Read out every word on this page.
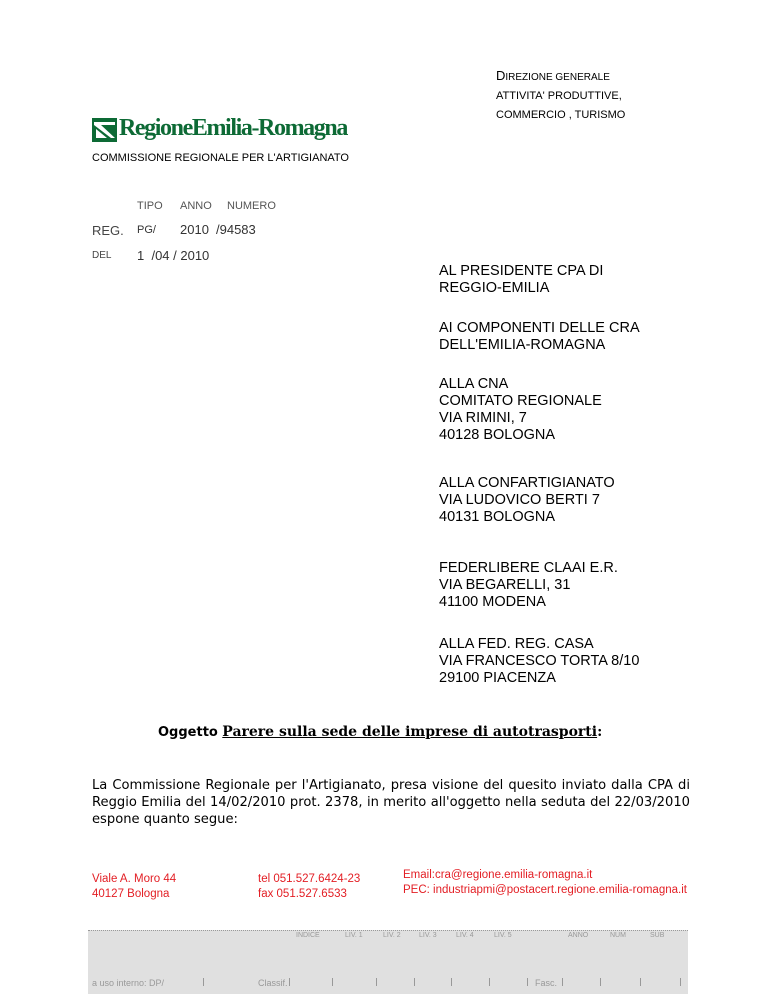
DIREZIONE GENERALE
ATTIVITA' PRODUTTIVE,
COMMERCIO , TURISMO
RegioneEmilia-Romagna
COMMISSIONE REGIONALE PER L'ARTIGIANATO
TIPO ANNO NUMERO
REG. PG/ 2010 /94583
DEL 1  /04 / 2010
AL PRESIDENTE CPA DI
REGGIO-EMILIA
AI COMPONENTI DELLE CRA
DELL'EMILIA-ROMAGNA
ALLA CNA
COMITATO REGIONALE
VIA RIMINI, 7
40128 BOLOGNA
ALLA CONFARTIGIANATO
VIA LUDOVICO BERTI 7
40131 BOLOGNA
FEDERLIBERE CLAAI E.R.
VIA BEGARELLI, 31
41100 MODENA
ALLA FED. REG. CASA
VIA FRANCESCO TORTA 8/10
29100 PIACENZA
Oggetto Parere sulla sede delle imprese di autotrasporti:
La Commissione Regionale per l'Artigianato, presa visione del quesito inviato dalla CPA di Reggio Emilia del 14/02/2010 prot. 2378, in merito all'oggetto nella seduta del 22/03/2010 espone quanto segue:
Viale A. Moro 44
40127 Bologna
tel 051.527.6424-23
fax 051.527.6533
Email:cra@regione.emilia-romagna.it
PEC: industriapmi@postacert.regione.emilia-romagna.it
a uso interno: DP/	Classif.
INDICE	LIV. 1	LIV. 2	LIV. 3	LIV. 4	LIV. 5	ANNO	NUM	SUB
Fasc.
